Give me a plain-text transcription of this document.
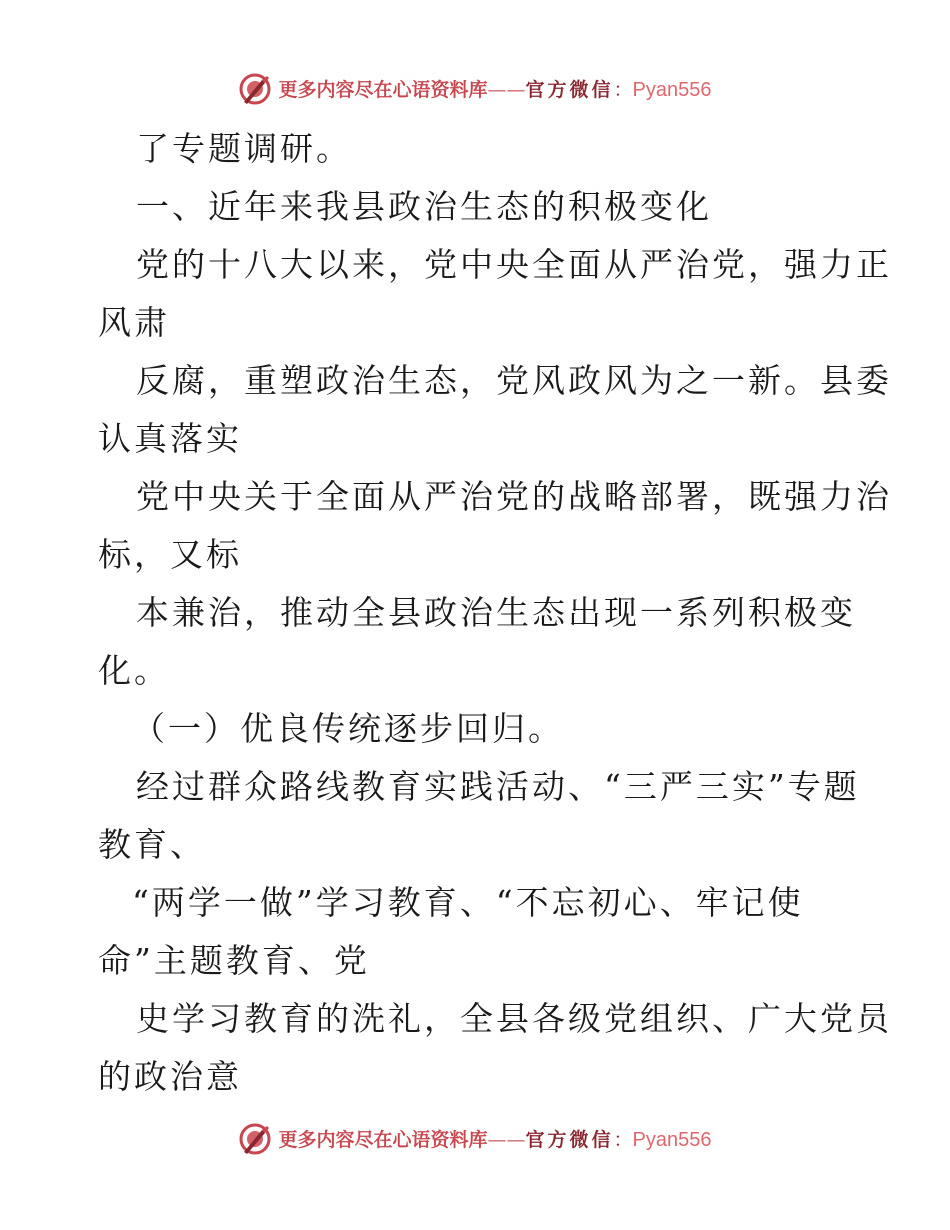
更多内容尽在心语资料库——官方微信：Pyan556
了专题调研。
一、近年来我县政治生态的积极变化
党的十八大以来，党中央全面从严治党，强力正
风肃
反腐，重塑政治生态，党风政风为之一新。县委
认真落实
党中央关于全面从严治党的战略部署，既强力治
标，又标
本兼治，推动全县政治生态出现一系列积极变
化。
（一）优良传统逐步回归。
经过群众路线教育实践活动、“三严三实”专题
教育、
“两学一做”学习教育、“不忘初心、牢记使
命”主题教育、党
史学习教育的洗礼，全县各级党组织、广大党员
的政治意
更多内容尽在心语资料库——官方微信：Pyan556
